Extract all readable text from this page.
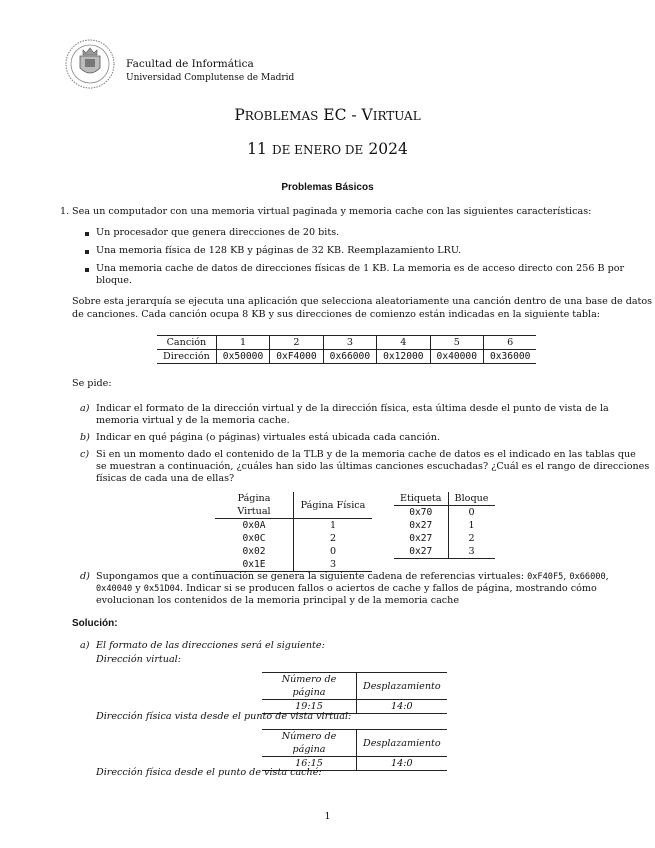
Facultad de Informática
Universidad Complutense de Madrid
PROBLEMAS EC - VIRTUAL
11 DE ENERO DE 2024
Problemas Básicos
1. Sea un computador con una memoria virtual paginada y memoria cache con las siguientes características:
Un procesador que genera direcciones de 20 bits.
Una memoria física de 128 KB y páginas de 32 KB. Reemplazamiento LRU.
Una memoria cache de datos de direcciones físicas de 1 KB. La memoria es de acceso directo con 256 B por
bloque.
Sobre esta jerarquía se ejecuta una aplicación que selecciona aleatoriamente una canción dentro de una base de datos
de canciones. Cada canción ocupa 8 KB y sus direcciones de comienzo están indicadas en la siguiente tabla:
Canción	1	2	3	4	5	6
Dirección	0x50000	0xF4000	0x66000	0x12000	0x40000	0x36000
Se pide:
a) Indicar el formato de la dirección virtual y de la dirección física, esta última desde el punto de vista de la
memoria virtual y de la memoria cache.
b) Indicar en qué página (o páginas) virtuales está ubicada cada canción.
c) Si en un momento dado el contenido de la TLB y de la memoria cache de datos es el indicado en las tablas que
se muestran a continuación, ¿cuáles han sido las últimas canciones escuchadas? ¿Cuál es el rango de direcciones
físicas de cada una de ellas?
Página Virtual	Página Física
0x0A	1
0x0C	2
0x02	0
0x1E	3
Etiqueta	Bloque
0x70	0
0x27	1
0x27	2
0x27	3
d) Supongamos que a continuación se genera la siguiente cadena de referencias virtuales: 0xF40F5, 0x66000,
0x40040 y 0x51D04. Indicar si se producen fallos o aciertos de cache y fallos de página, mostrando cómo
evolucionan los contenidos de la memoria principal y de la memoria cache
Solución:
a) El formato de las direcciones será el siguiente:
Dirección virtual:
Número de página	Desplazamiento
19:15	14:0
Dirección física vista desde el punto de vista virtual:
Número de página	Desplazamiento
16:15	14:0
Dirección física desde el punto de vista caché:
1
